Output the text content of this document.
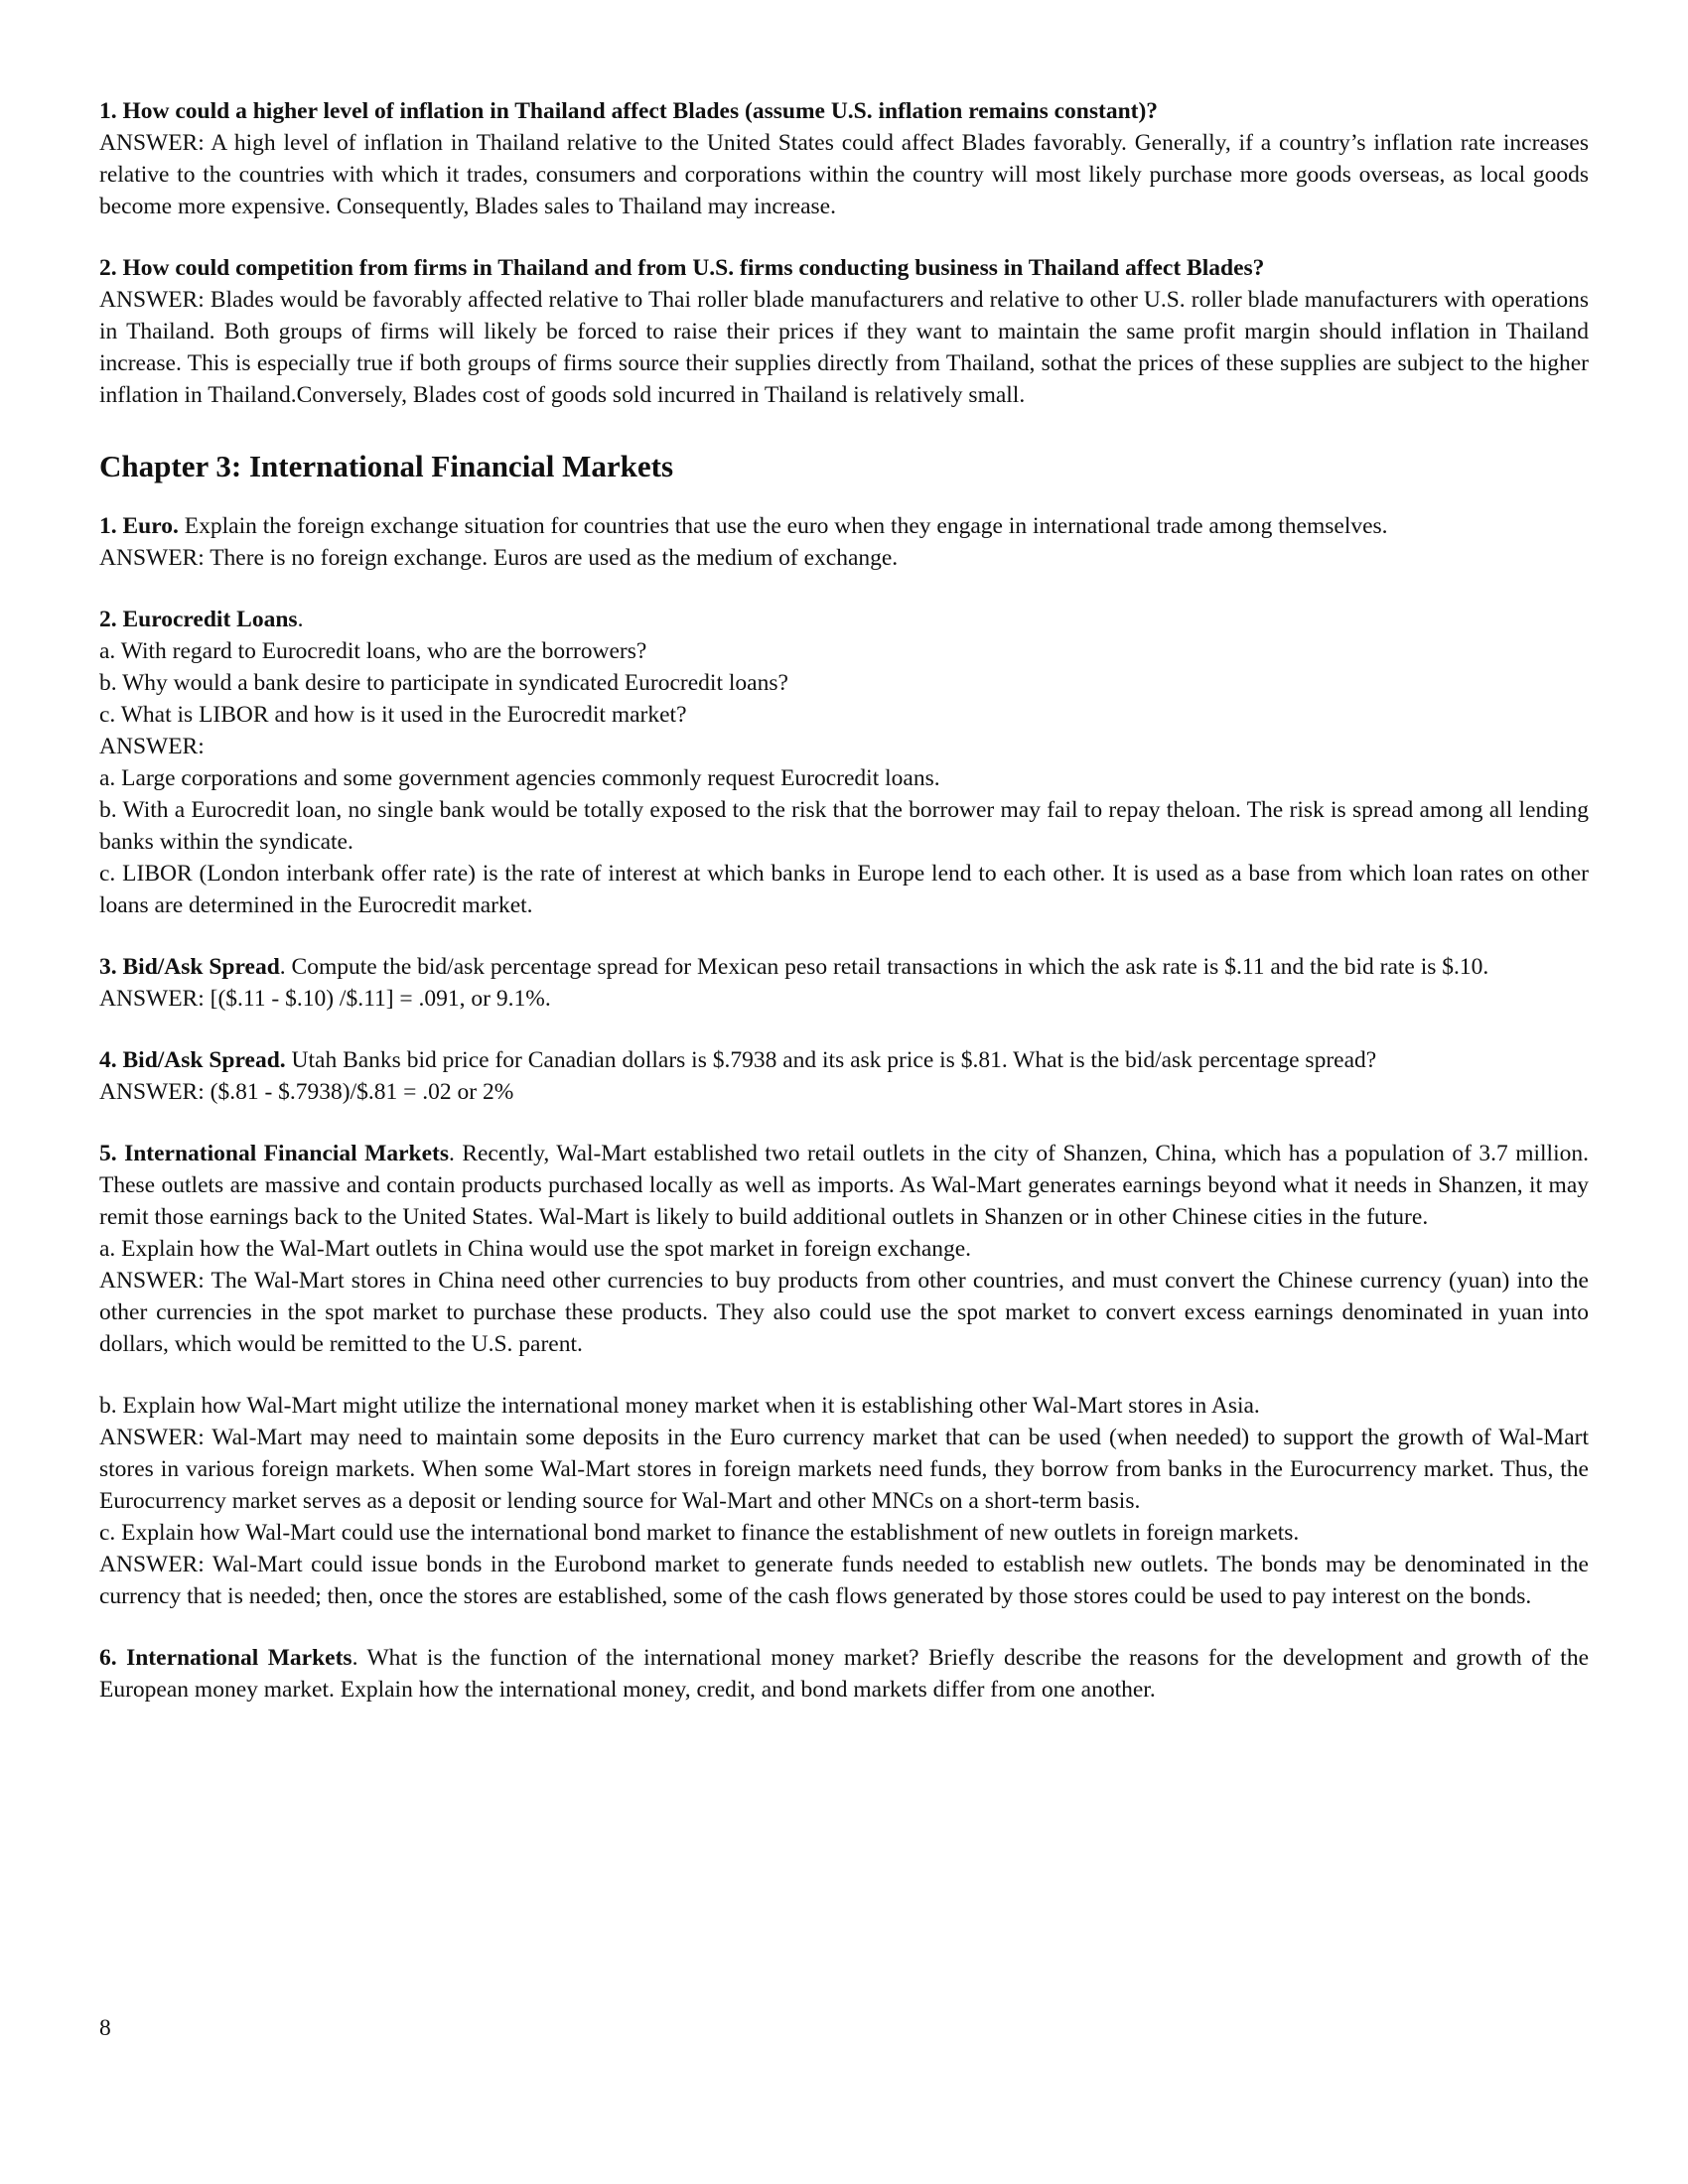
1. How could a higher level of inflation in Thailand affect Blades (assume U.S. inflation remains constant)?

ANSWER: A high level of inflation in Thailand relative to the United States could affect Blades favorably. Generally, if a country’s inflation rate increases relative to the countries with which it trades, consumers and corporations within the country will most likely purchase more goods overseas, as local goods become more expensive. Consequently, Blades sales to Thailand may increase.

2. How could competition from firms in Thailand and from U.S. firms conducting business in Thailand affect Blades?

ANSWER: Blades would be favorably affected relative to Thai roller blade manufacturers and relative to other U.S. roller blade manufacturers with operations in Thailand. Both groups of firms will likely be forced to raise their prices if they want to maintain the same profit margin should inflation in Thailand increase. This is especially true if both groups of firms source their supplies directly from Thailand, sothat the prices of these supplies are subject to the higher inflation in Thailand.Conversely, Blades cost of goods sold incurred in Thailand is relatively small.

Chapter 3: International Financial Markets

1. Euro. Explain the foreign exchange situation for countries that use the euro when they engage in international trade among themselves.

ANSWER: There is no foreign exchange. Euros are used as the medium of exchange.

2. Eurocredit Loans.

a. With regard to Eurocredit loans, who are the borrowers?

b. Why would a bank desire to participate in syndicated Eurocredit loans?

c. What is LIBOR and how is it used in the Eurocredit market?

ANSWER:

a. Large corporations and some government agencies commonly request Eurocredit loans.

b. With a Eurocredit loan, no single bank would be totally exposed to the risk that the borrower may fail to repay theloan. The risk is spread among all lending banks within the syndicate.

c. LIBOR (London interbank offer rate) is the rate of interest at which banks in Europe lend to each other. It is used as a base from which loan rates on other loans are determined in the Eurocredit market.

3. Bid/Ask Spread. Compute the bid/ask percentage spread for Mexican peso retail transactions in which the ask rate is $.11 and the bid rate is $.10.

ANSWER: [($.11 - $.10) /$.11] = .091, or 9.1%.

4. Bid/Ask Spread. Utah Banks bid price for Canadian dollars is $.7938 and its ask price is $.81. What is the bid/ask percentage spread?

ANSWER: ($.81 - $.7938)/$.81 = .02 or 2%

5. International Financial Markets. Recently, Wal-Mart established two retail outlets in the city of Shanzen, China, which has a population of 3.7 million. These outlets are massive and contain products purchased locally as well as imports. As Wal-Mart generates earnings beyond what it needs in Shanzen, it may remit those earnings back to the United States. Wal-Mart is likely to build additional outlets in Shanzen or in other Chinese cities in the future.

a. Explain how the Wal-Mart outlets in China would use the spot market in foreign exchange.

ANSWER: The Wal-Mart stores in China need other currencies to buy products from other countries, and must convert the Chinese currency (yuan) into the other currencies in the spot market to purchase these products. They also could use the spot market to convert excess earnings denominated in yuan into dollars, which would be remitted to the U.S. parent.

b. Explain how Wal-Mart might utilize the international money market when it is establishing other Wal-Mart stores in Asia.

ANSWER: Wal-Mart may need to maintain some deposits in the Euro currency market that can be used (when needed) to support the growth of Wal-Mart stores in various foreign markets. When some Wal-Mart stores in foreign markets need funds, they borrow from banks in the Eurocurrency market. Thus, the Eurocurrency market serves as a deposit or lending source for Wal-Mart and other MNCs on a short-term basis.

c. Explain how Wal-Mart could use the international bond market to finance the establishment of new outlets in foreign markets.

ANSWER: Wal-Mart could issue bonds in the Eurobond market to generate funds needed to establish new outlets. The bonds may be denominated in the currency that is needed; then, once the stores are established, some of the cash flows generated by those stores could be used to pay interest on the bonds.

6. International Markets. What is the function of the international money market? Briefly describe the reasons for the development and growth of the European money market. Explain how the international money, credit, and bond markets differ from one another.

8
